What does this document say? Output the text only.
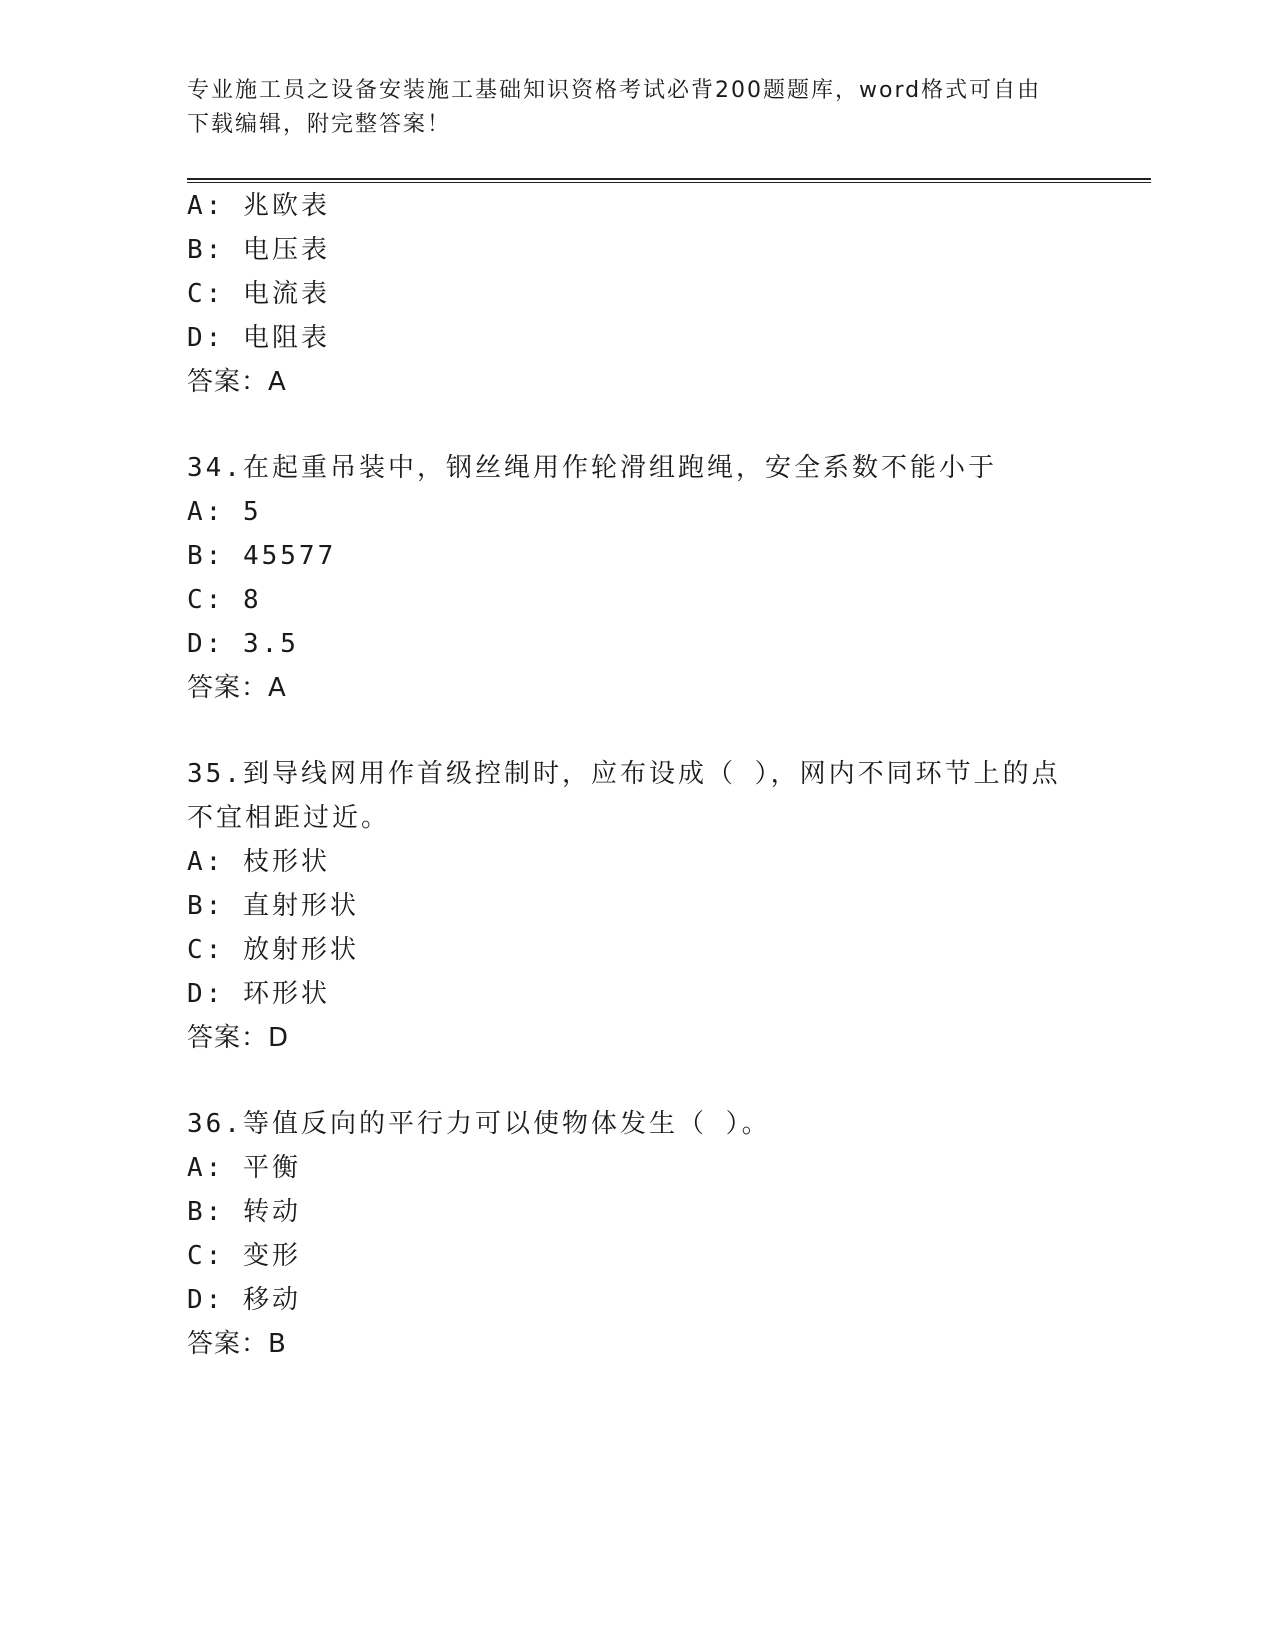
专业施工员之设备安装施工基础知识资格考试必背200题题库，word格式可自由
下载编辑，附完整答案！
A: 兆欧表
B: 电压表
C: 电流表
D: 电阻表
答案：A
34.在起重吊装中，钢丝绳用作轮滑组跑绳，安全系数不能小于
A: 5
B: 45577
C: 8
D: 3.5
答案：A
35.到导线网用作首级控制时，应布设成（ ），网内不同环节上的点
不宜相距过近。
A: 枝形状
B: 直射形状
C: 放射形状
D: 环形状
答案：D
36.等值反向的平行力可以使物体发生（ ）。
A: 平衡
B: 转动
C: 变形
D: 移动
答案：B
